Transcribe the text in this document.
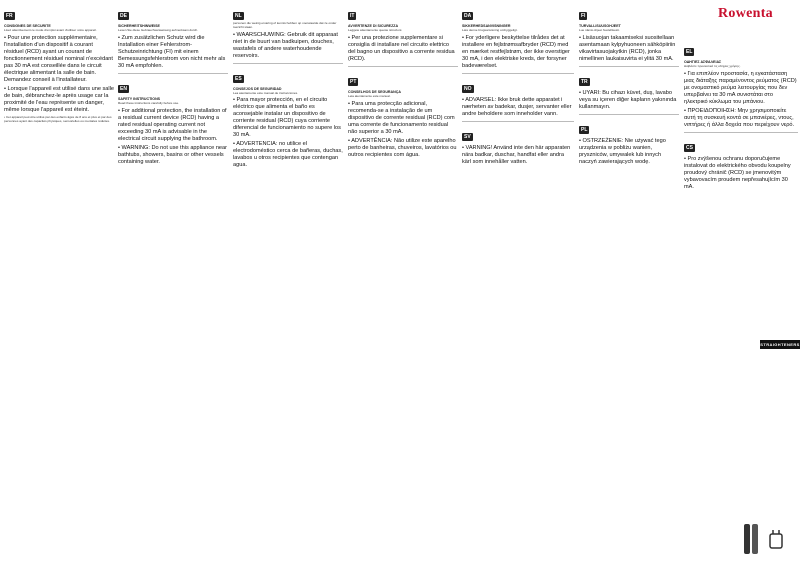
Rowenta
STRAIGHTENERS
FR
CONSIGNES DE SECURITE
Lisez attentivement ce mode d'emploi avant d'utiliser votre appareil.
• Pour une protection supplémentaire, l'installation d'un dispositif à courant résiduel (RCD) ayant un courant de fonctionnement résiduel nominal n'excédant pas 30 mA est conseillée dans le circuit électrique alimentant la salle de bain. Demandez conseil à l'installateur.
• Lorsque l'appareil est utilisé dans une salle de bain, débranchez-le après usage car la proximité de l'eau représente un danger, même lorsque l'appareil est éteint.
• Cet appareil peut être utilisé par des enfants âgés de 8 ans et plus et par des personnes ayant des capacités physiques, sensorielles ou mentales réduites.
DE
SICHERHEITSHINWEISE
Lesen Sie diese Gebrauchsanweisung aufmerksam durch.
• Zum zusätzlichen Schutz wird die Installation einer Fehlerstrom-Schutzeinrichtung (FI) mit einem Bemessungsfehlerstrom von nicht mehr als 30 mA empfohlen.
EN
SAFETY INSTRUCTIONS
Read these instructions carefully before use.
• For additional protection, the installation of a residual current device (RCD) having a rated residual operating current not exceeding 30 mA is advisable in the electrical circuit supplying the bathroom.
• WARNING: Do not use this appliance near bathtubs, showers, basins or other vessels containing water.
NL
personen die weinig ervaring of kennis hebben op voorwaarde dat ze onder toezicht staan.
• WAARSCHUWING: Gebruik dit apparaat niet in de buurt van badkuipen, douches, wastafels of andere waterhoudende reservoirs.
ES
CONSEJOS DE SEGURIDAD
Lea atentamente este manual de instrucciones.
• Para mayor protección, en el circuito eléctrico que alimenta el baño es aconsejable instalar un dispositivo de corriente residual (RCD) cuya corriente diferencial de funcionamiento no supere los 30 mA.
• ADVERTENCIA: no utilice el electrodoméstico cerca de bañeras, duchas, lavabos u otros recipientes que contengan agua.
IT
AVVERTENZE DI SICUREZZA
Leggete attentamente queste istruzioni.
• Per una protezione supplementare si consiglia di installare nel circuito elettrico del bagno un dispositivo a corrente residua (RCD).
PT
CONSELHOS DE SEGURANÇA
Leia atentamente este manual.
• Para uma protecção adicional, recomenda-se a instalação de um dispositivo de corrente residual (RCD) com uma corrente de funcionamento residual não superior a 30 mA.
• ADVERTÊNCIA: Não utilize este aparelho perto de banheiras, chuveiros, lavatórios ou outros recipientes com água.
DA
SIKKERHEDSANVISNINGER
Læs denne brugsanvisning omhyggeligt.
• For yderligere beskyttelse tilrådes det at installere en fejlstrømsafbryder (RCD) med en mærket restfejlstrøm, der ikke overstiger 30 mA, i den elektriske kreds, der forsyner badeværelset.
NO
• ADVARSEL: Ikke bruk dette apparatet i nærheten av badekar, dusjer, servanter eller andre beholdere som inneholder vann.
SV
• VARNING! Använd inte den här apparaten nära badkar, duschar, handfat eller andra kärl som innehåller vatten.
FI
TURVALLISUUSOHJEET
Lue nämä ohjeet huolellisesti.
• Lisäsuojan takaamiseksi suositellaan asentamaan kylpyhuoneen sähköpiiriin vikavirtasuojakytkin (RCD), jonka nimellinen laukaisuvirta ei ylitä 30 mA.
TR
• UYARI: Bu cihazı küvet, duş, lavabo veya su içeren diğer kapların yakınında kullanmayın.
PL
• OSTRZEŻENIE: Nie używać tego urządzenia w pobliżu wanien, pryszniców, umywalek lub innych naczyń zawierających wodę.
EL
ΟΔΗΓΙΕΣ ΑΣΦΑΛΕΙΑΣ
Διαβάστε προσεκτικά τις οδηγίες χρήσης.
• Για επιπλέον προστασία, η εγκατάσταση μιας διάταξης παραμένοντος ρεύματος (RCD) με ονομαστικό ρεύμα λειτουργίας που δεν υπερβαίνει τα 30 mA συνιστάται στο ηλεκτρικό κύκλωμα του μπάνιου.
• ΠΡΟΕΙΔΟΠΟΙΗΣΗ: Μην χρησιμοποιείτε αυτή τη συσκευή κοντά σε μπανιέρες, ντους, νιπτήρες ή άλλα δοχεία που περιέχουν νερό.
CS
• Pro zvýšenou ochranu doporučujeme instalovat do elektrického obvodu koupelny proudový chránič (RCD) se jmenovitým vybavovacím proudem nepřesahujícím 30 mA.
